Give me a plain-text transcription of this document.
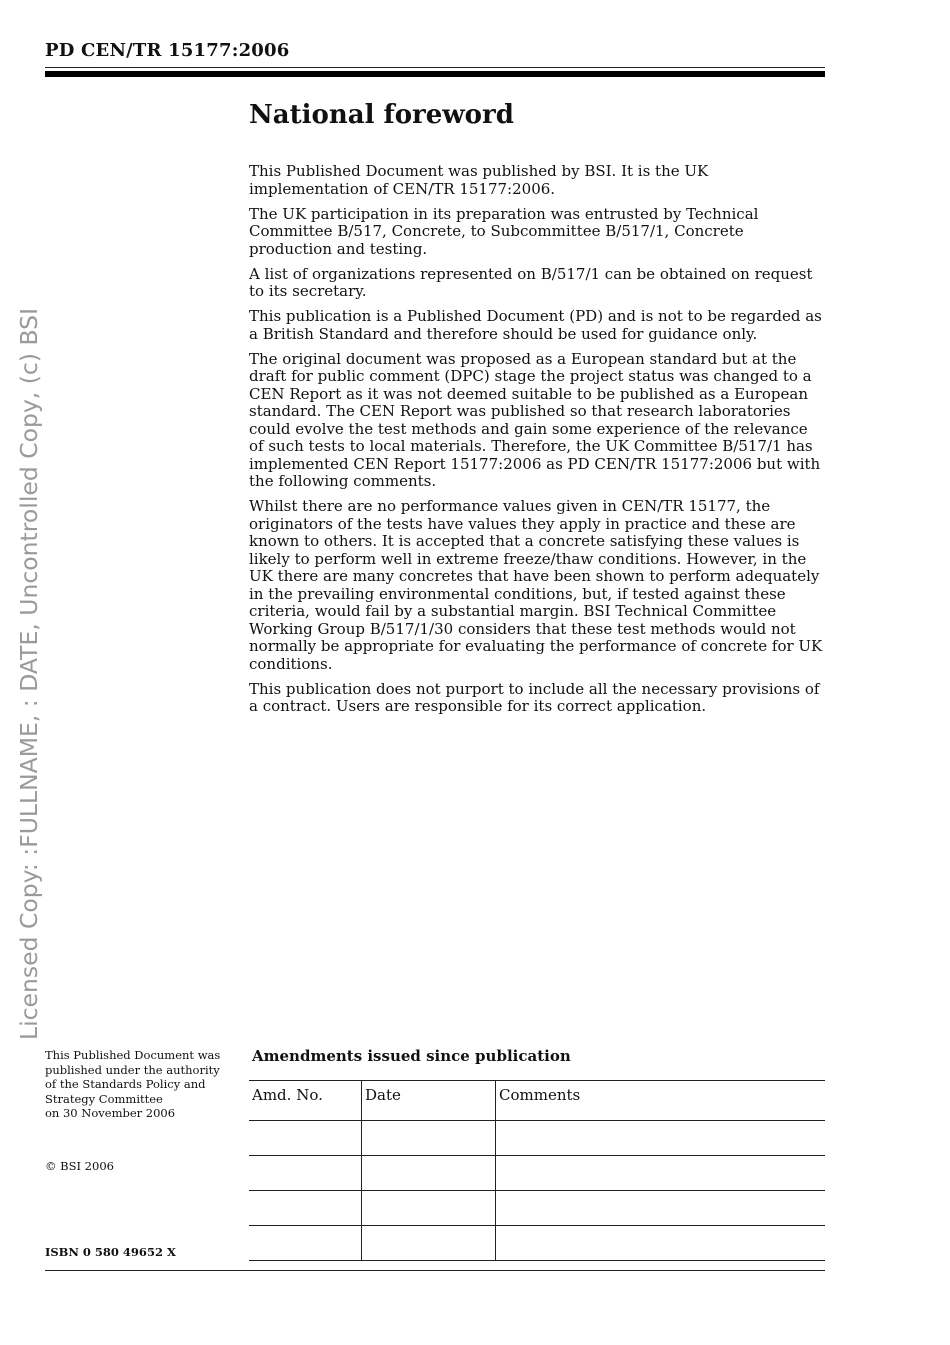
PD CEN/TR 15177:2006
Licensed Copy: :FULLNAME, : DATE, Uncontrolled Copy, (c) BSI
National foreword

This Published Document was published by BSI. It is the UK implementation of CEN/TR 15177:2006.

The UK participation in its preparation was entrusted by Technical Committee B/517, Concrete, to Subcommittee B/517/1, Concrete production and testing.

A list of organizations represented on B/517/1 can be obtained on request to its secretary.

This publication is a Published Document (PD) and is not to be regarded as a British Standard and therefore should be used for guidance only.

The original document was proposed as a European standard but at the draft for public comment (DPC) stage the project status was changed to a CEN Report as it was not deemed suitable to be published as a European standard. The CEN Report was published so that research laboratories could evolve the test methods and gain some experience of the relevance of such tests to local materials. Therefore, the UK Committee B/517/1 has implemented CEN Report 15177:2006 as PD CEN/TR 15177:2006 but with the following comments.

Whilst there are no performance values given in CEN/TR 15177, the originators of the tests have values they apply in practice and these are known to others. It is accepted that a concrete satisfying these values is likely to perform well in extreme freeze/thaw conditions. However, in the UK there are many concretes that have been shown to perform adequately in the prevailing environmental conditions, but, if tested against these criteria, would fail by a substantial margin. BSI Technical Committee Working Group B/517/1/30 considers that these test methods would not normally be appropriate for evaluating the performance of concrete for UK conditions.

This publication does not purport to include all the necessary provisions of a contract. Users are responsible for its correct application.

This Published Document was
published under the authority
of the Standards Policy and
Strategy Committee
on 30 November 2006
© BSI 2006
ISBN 0 580 49652 X
Amendments issued since publication
Amd. No.	Date	Comments
